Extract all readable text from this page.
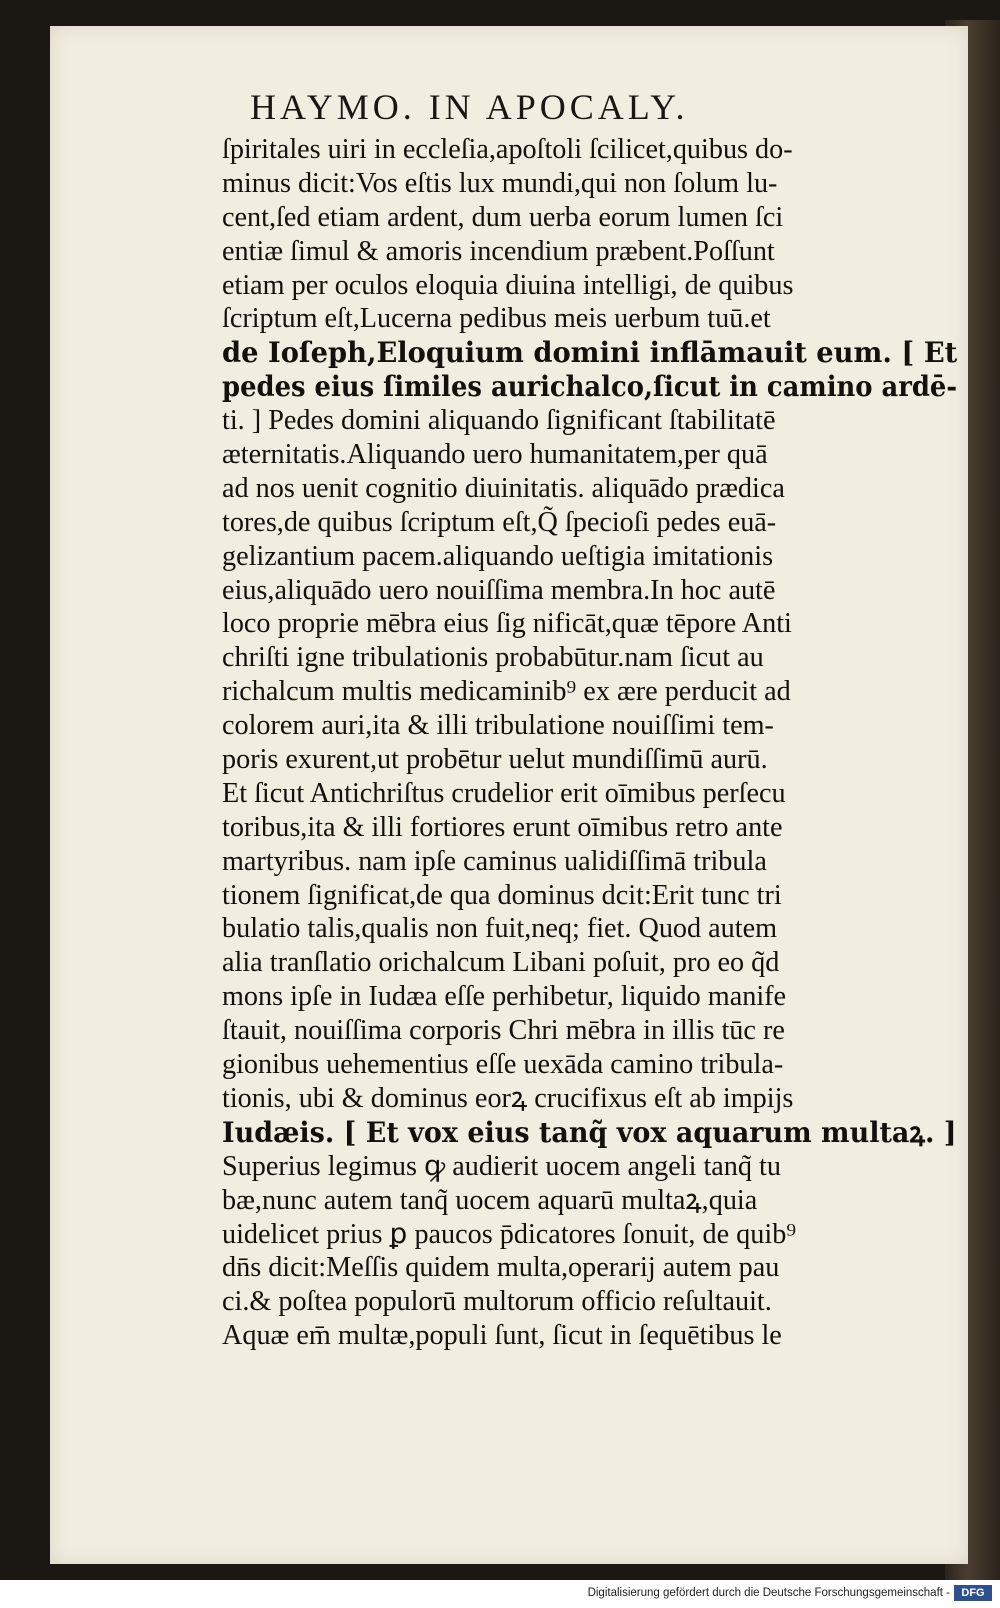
HAYMO. IN APOCALY.
ſpiritales uiri in eccleſia,apoſtoli ſcilicet,quibus do-
minus dicit:Vos eſtis lux mundi,qui non ſolum lu-
cent,ſed etiam ardent, dum uerba eorum lumen ſci
entiæ ſimul & amoris incendium præbent.Poſſunt
etiam per oculos eloquia diuina intelligi, de quibus
ſcriptum eſt,Lucerna pedibus meis uerbum tuū.et
de Ioſeph,Eloquium domini inflāmauit eum. [ Et
pedes eius ſimiles aurichalco,ſicut in camino ardē-
ti. ] Pedes domini aliquando ſignificant ſtabilitatē
æternitatis.Aliquando uero humanitatem,per quā
ad nos uenit cognitio diuinitatis. aliquādo prædica
tores,de quibus ſcriptum eſt,Q̃ ſpecioſi pedes euā-
gelizantium pacem.aliquando ueſtigia imitationis
eius,aliquādo uero nouiſſima membra.In hoc autē
loco proprie mēbra eius ſig nificāt,quæ tēpore Anti
chriſti igne tribulationis probabūtur.nam ſicut au
richalcum multis medicaminib⁹ ex ære perducit ad
colorem auri,ita & illi tribulatione nouiſſimi tem-
poris exurent,ut probētur uelut mundiſſimū aurū.
Et ſicut Antichriſtus crudelior erit oīmibus perſecu
toribus,ita & illi fortiores erunt oīmibus retro ante
martyribus. nam ipſe caminus ualidiſſimā tribula
tionem ſignificat,de qua dominus dcit:Erit tunc tri
bulatio talis,qualis non fuit,neq; fiet. Quod autem
alia tranſlatio orichalcum Libani poſuit, pro eo q̃d
mons ipſe in Iudæa eſſe perhibetur, liquido manife
ſtauit, nouiſſima corporis Chri mēbra in illis tūc re
gionibus uehementius eſſe uexāda camino tribula-
tionis, ubi & dominus eorꝝ crucifixus eſt ab impijs
Iudæis. [ Et vox eius tanq̃ vox aquarum multaꝝ. ]
Superius legimus ꝙ audierit uocem angeli tanq̃ tu
bæ,nunc autem tanq̃ uocem aquarū multaꝝ,quia
uidelicet prius ꝑ paucos p̄dicatores ſonuit, de quib⁹
dn̄s dicit:Meſſis quidem multa,operarij autem pau
ci.& poſtea populorū multorum officio reſultauit.
Aquæ em̄ multæ,populi ſunt, ſicut in ſequētibus le
Digitalisierung gefördert durch die Deutsche Forschungsgemeinschaft -	DFG
